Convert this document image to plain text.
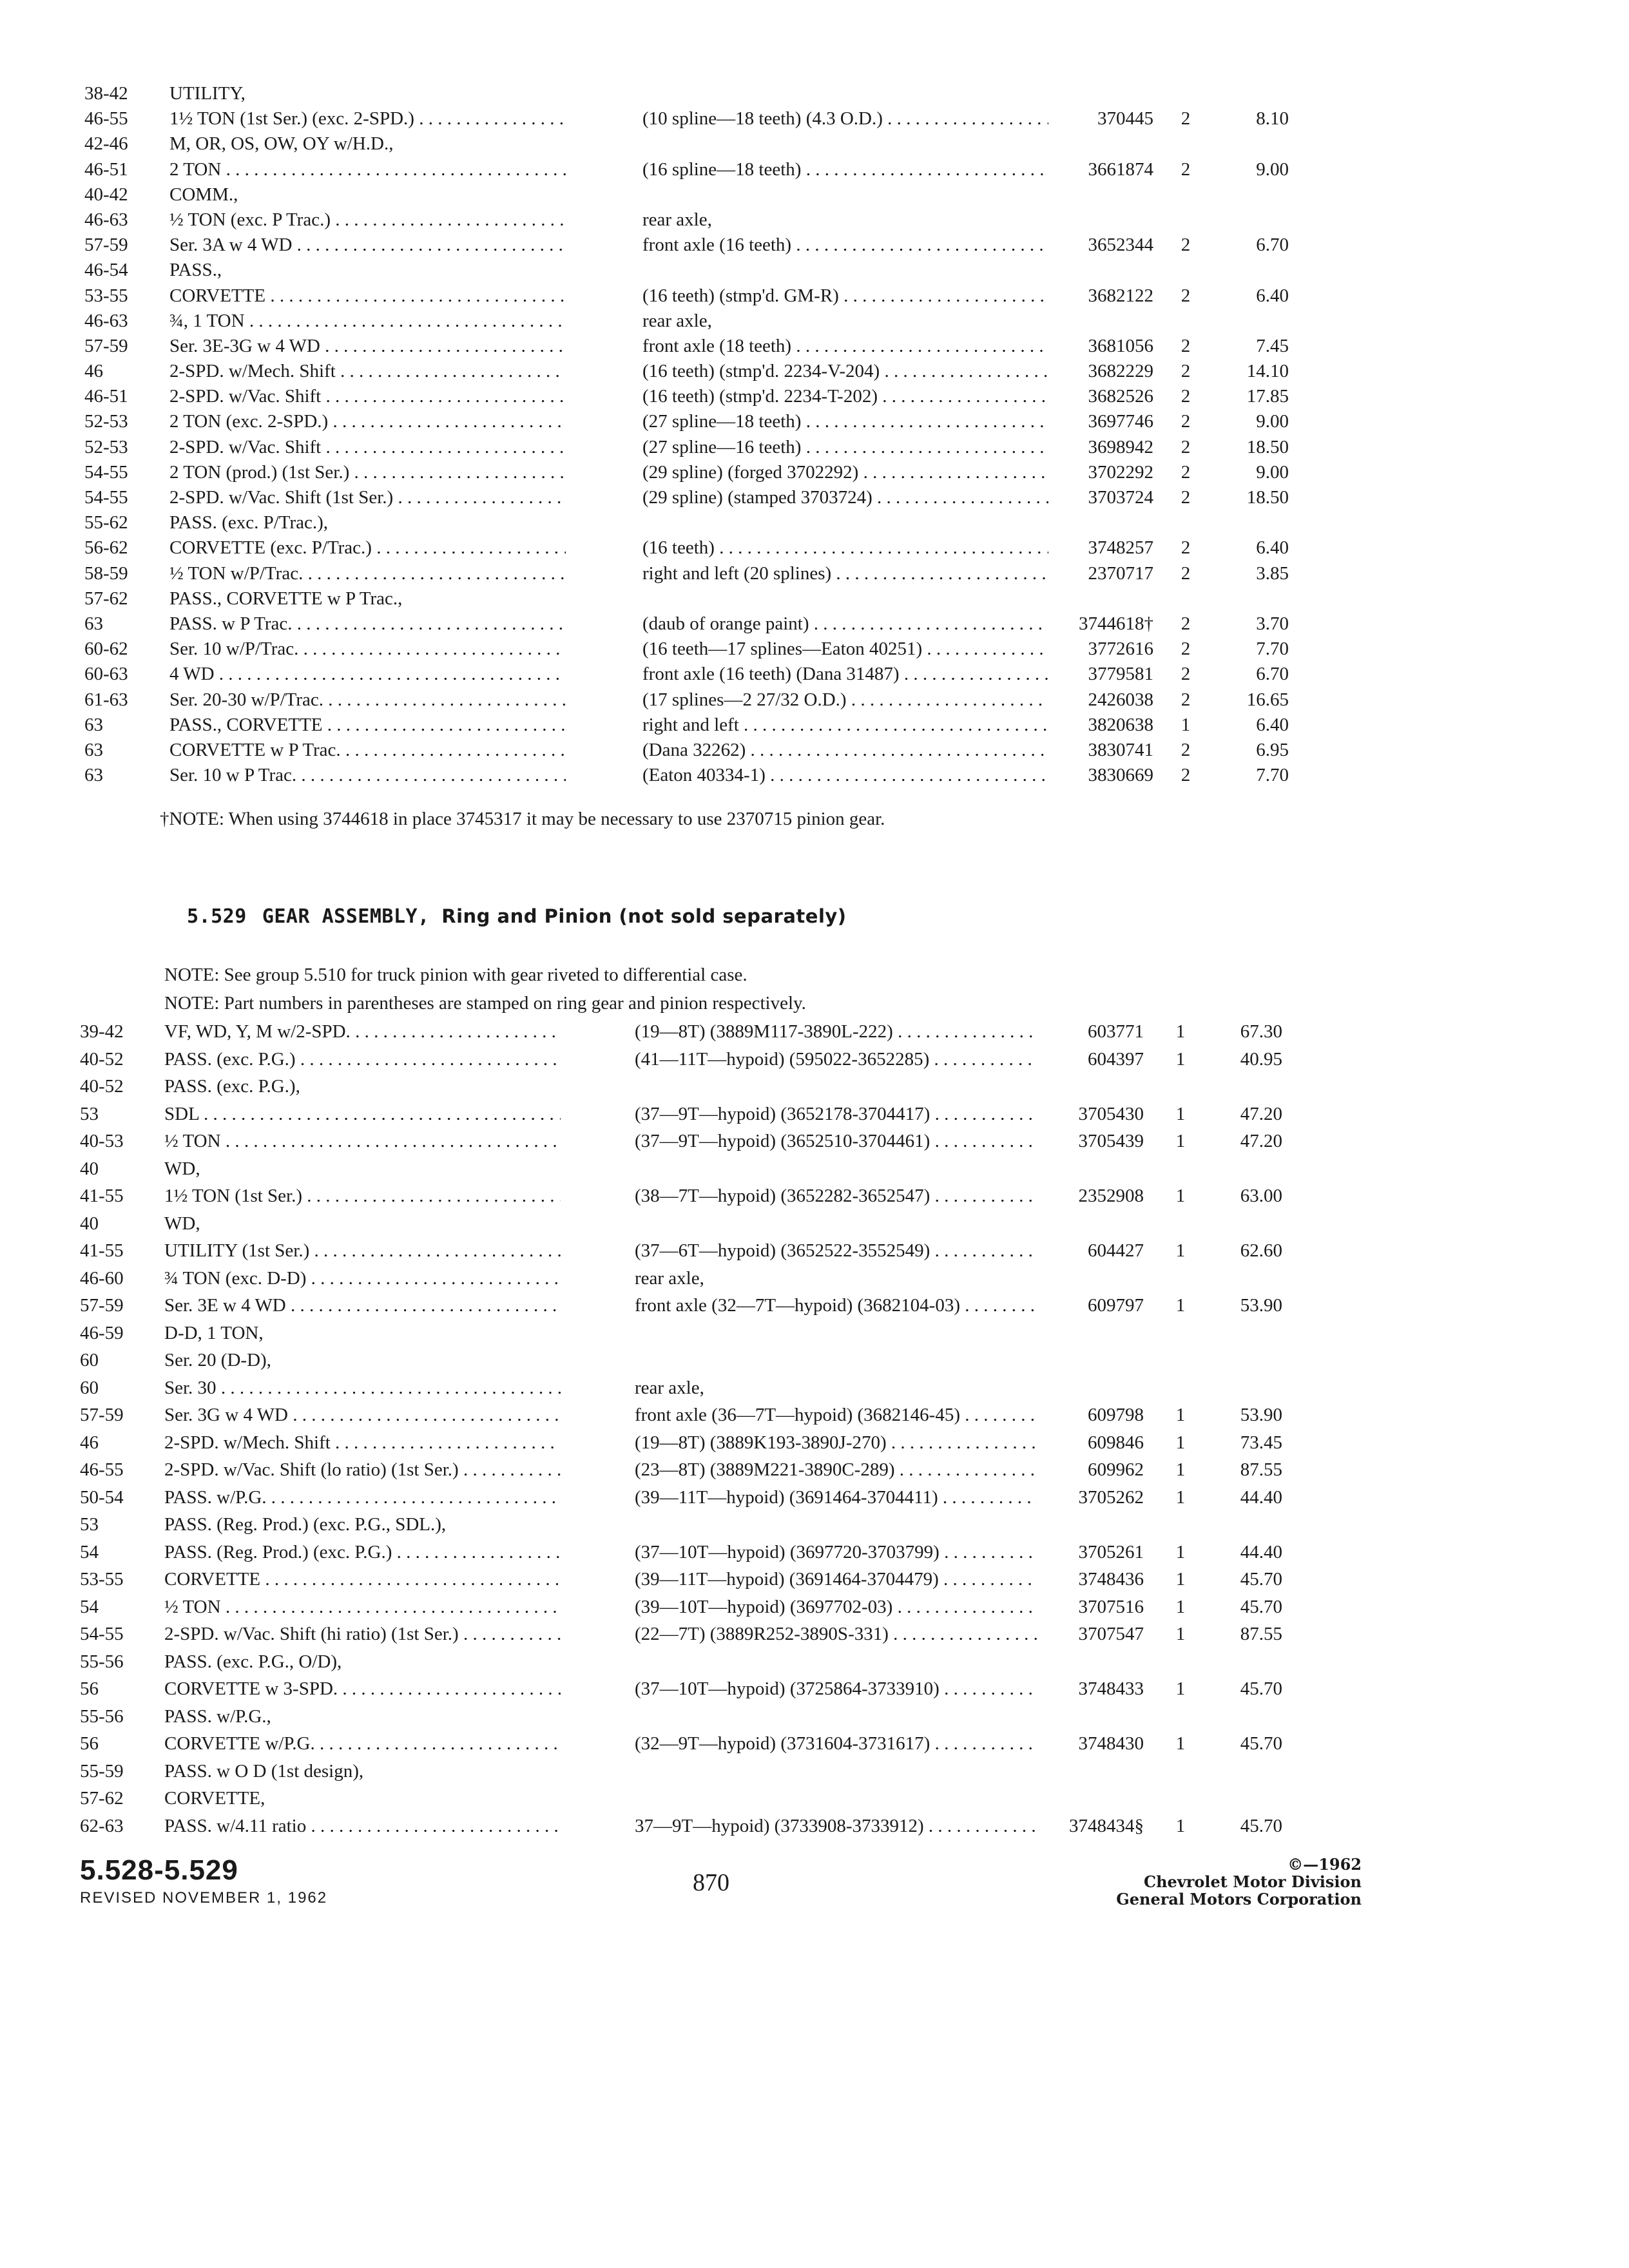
38-42	UTILITY,
46-55	1½ TON (1st Ser.) (exc. 2-SPD.) . . .	(10 spline—18 teeth) (4.3 O.D.) . . .	370445	2	8.10
42-46	M, OR, OS, OW, OY w/H.D.,
46-51	2 TON . . .	(16 spline—18 teeth) . . .	3661874	2	9.00
40-42	COMM.,
46-63	½ TON (exc. P Trac.) . . .	rear axle,
57-59	Ser. 3A w 4 WD . . .	front axle (16 teeth) . . .	3652344	2	6.70
46-54	PASS.,
53-55	CORVETTE . . .	(16 teeth) (stmp'd. GM-R) . . .	3682122	2	6.40
46-63	¾, 1 TON . . .	rear axle,
57-59	Ser. 3E-3G w 4 WD . . .	front axle (18 teeth) . . .	3681056	2	7.45
46	2-SPD. w/Mech. Shift . . .	(16 teeth) (stmp'd. 2234-V-204) . . .	3682229	2	14.10
46-51	2-SPD. w/Vac. Shift . . .	(16 teeth) (stmp'd. 2234-T-202) . . .	3682526	2	17.85
52-53	2 TON (exc. 2-SPD.) . . .	(27 spline—18 teeth) . . .	3697746	2	9.00
52-53	2-SPD. w/Vac. Shift . . .	(27 spline—16 teeth) . . .	3698942	2	18.50
54-55	2 TON (prod.) (1st Ser.) . . .	(29 spline) (forged 3702292) . . .	3702292	2	9.00
54-55	2-SPD. w/Vac. Shift (1st Ser.) . . .	(29 spline) (stamped 3703724) . . .	3703724	2	18.50
55-62	PASS. (exc. P/Trac.),
56-62	CORVETTE (exc. P/Trac.) . . .	(16 teeth) . . .	3748257	2	6.40
58-59	½ TON w/P/Trac. . . .	right and left (20 splines) . . .	2370717	2	3.85
57-62	PASS., CORVETTE w P Trac.,
63	PASS. w P Trac. . . .	(daub of orange paint) . . .	3744618†	2	3.70
60-62	Ser. 10 w/P/Trac. . . .	(16 teeth—17 splines—Eaton 40251) . . .	3772616	2	7.70
60-63	4 WD . . .	front axle (16 teeth) (Dana 31487) . . .	3779581	2	6.70
61-63	Ser. 20-30 w/P/Trac. . . .	(17 splines—2 27/32 O.D.) . . .	2426038	2	16.65
63	PASS., CORVETTE . . .	right and left . . .	3820638	1	6.40
63	CORVETTE w P Trac. . . .	(Dana 32262) . . .	3830741	2	6.95
63	Ser. 10 w P Trac. . . .	(Eaton 40334-1) . . .	3830669	2	7.70
†NOTE: When using 3744618 in place 3745317 it may be necessary to use 2370715 pinion gear.
5.529 GEAR ASSEMBLY, Ring and Pinion (not sold separately)
NOTE: See group 5.510 for truck pinion with gear riveted to differential case.
NOTE: Part numbers in parentheses are stamped on ring gear and pinion respectively.
39-42	VF, WD, Y, M w/2-SPD. . . .	(19—8T) (3889M117-3890L-222) . . .	603771	1	67.30
40-52	PASS. (exc. P.G.) . . .	(41—11T—hypoid) (595022-3652285) . . .	604397	1	40.95
40-52	PASS. (exc. P.G.),
53	SDL . . .	(37—9T—hypoid) (3652178-3704417) . . .	3705430	1	47.20
40-53	½ TON . . .	(37—9T—hypoid) (3652510-3704461) . . .	3705439	1	47.20
40	WD,
41-55	1½ TON (1st Ser.) . . .	(38—7T—hypoid) (3652282-3652547) . . .	2352908	1	63.00
40	WD,
41-55	UTILITY (1st Ser.) . . .	(37—6T—hypoid) (3652522-3552549) . . .	604427	1	62.60
46-60	¾ TON (exc. D-D) . . .	rear axle,
57-59	Ser. 3E w 4 WD . . .	front axle (32—7T—hypoid) (3682104-03) . . .	609797	1	53.90
46-59	D-D, 1 TON,
60	Ser. 20 (D-D),
60	Ser. 30 . . .	rear axle,
57-59	Ser. 3G w 4 WD . . .	front axle (36—7T—hypoid) (3682146-45) . . .	609798	1	53.90
46	2-SPD. w/Mech. Shift . . .	(19—8T) (3889K193-3890J-270) . . .	609846	1	73.45
46-55	2-SPD. w/Vac. Shift (lo ratio) (1st Ser.) . . .	(23—8T) (3889M221-3890C-289) . . .	609962	1	87.55
50-54	PASS. w/P.G. . . .	(39—11T—hypoid) (3691464-3704411) . . .	3705262	1	44.40
53	PASS. (Reg. Prod.) (exc. P.G., SDL.),
54	PASS. (Reg. Prod.) (exc. P.G.) . . .	(37—10T—hypoid) (3697720-3703799) . . .	3705261	1	44.40
53-55	CORVETTE . . .	(39—11T—hypoid) (3691464-3704479) . . .	3748436	1	45.70
54	½ TON . . .	(39—10T—hypoid) (3697702-03) . . .	3707516	1	45.70
54-55	2-SPD. w/Vac. Shift (hi ratio) (1st Ser.) . . .	(22—7T) (3889R252-3890S-331) . . .	3707547	1	87.55
55-56	PASS. (exc. P.G., O/D),
56	CORVETTE w 3-SPD. . . .	(37—10T—hypoid) (3725864-3733910) . . .	3748433	1	45.70
55-56	PASS. w/P.G.,
56	CORVETTE w/P.G. . . .	(32—9T—hypoid) (3731604-3731617) . . .	3748430	1	45.70
55-59	PASS. w O D (1st design),
57-62	CORVETTE,
62-63	PASS. w/4.11 ratio . . .	37—9T—hypoid) (3733908-3733912) . . .	3748434§	1	45.70
5.528-5.529
REVISED NOVEMBER 1, 1962
870
©—1962
Chevrolet Motor Division
General Motors Corporation
